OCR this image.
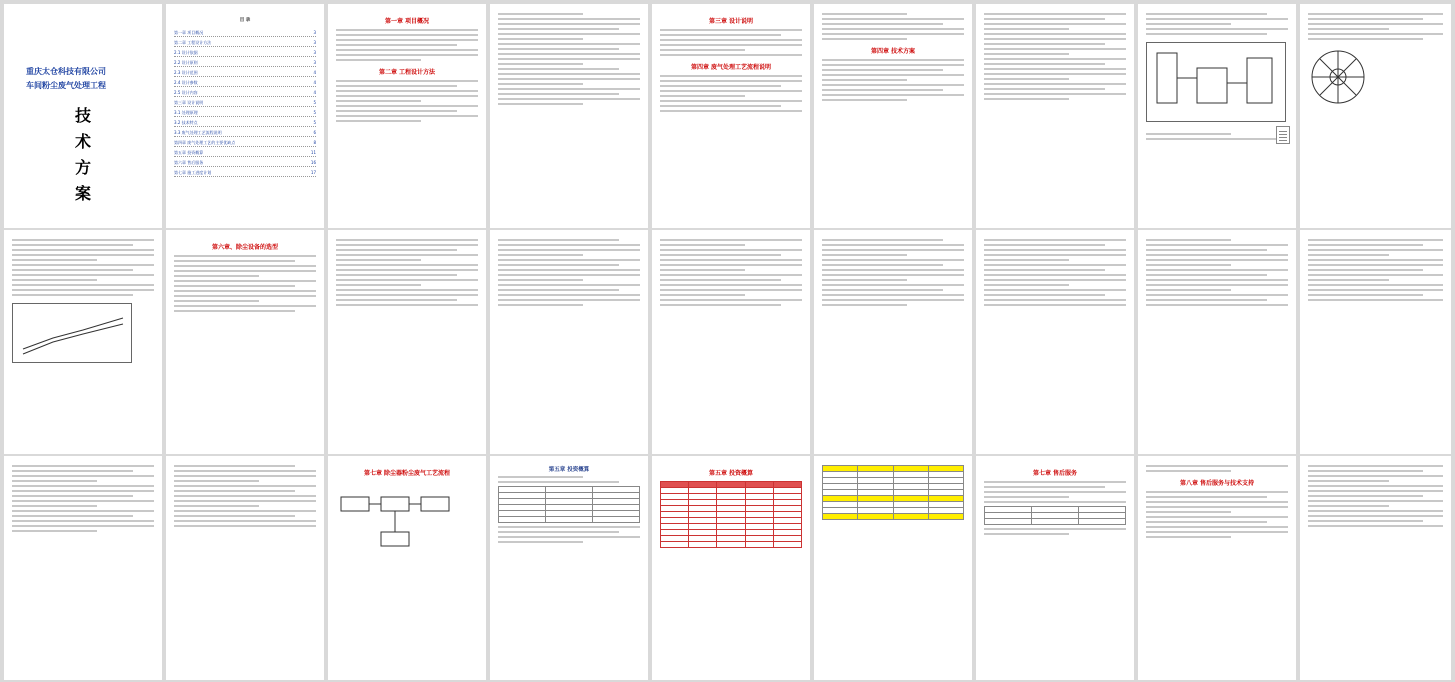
重庆太仓科技有限公司
车间粉尘废气处理工程
技
术
方
案
目 录
第一章 项目概况	3
第二章 工程设计方法	3
2.1 设计依据	3
2.2 设计原则	3
2.3 设计范围	4
2.4 设计参数	4
2.5 设计内容	4
第三章 设计说明	5
3.1 处理原理	5
3.2 技术特点	5
3.3 废气处理工艺流程说明	6
第四章 废气处理工艺的主要优缺点	8
第五章 投资概算	11
第六章 售后服务	16
第七章 施工进度计划	17
第一章 项目概况
第二章 工程设计方法
第三章 设计说明
第四章 废气处理工艺流程说明
第四章 技术方案
第六章、除尘设备的选型
第七章 除尘器粉尘废气工艺流程	第五章 投资概算

			第五章 投资概算

				第七章 售后服务

第八章 售后服务与技术支持
